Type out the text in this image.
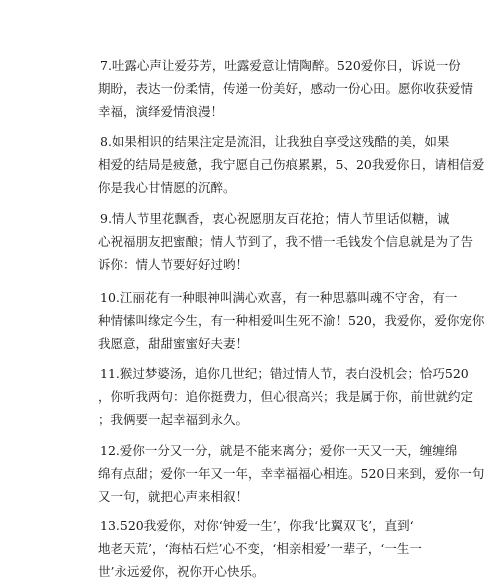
7.吐露心声让爱芬芳，吐露爱意让情陶醉。520爱你日，诉说一份
期盼，表达一份柔情，传递一份美好，感动一份心田。愿你收获爱情
幸福，演绎爱情浪漫！
8.如果相识的结果注定是流泪，让我独自享受这残酷的美，如果
相爱的结局是疲惫，我宁愿自己伤痕累累，5、20我爱你日，请相信爱
你是我心甘情愿的沉醉。
9.情人节里花飘香，衷心祝愿朋友百花抢；情人节里话似糖，诚
心祝福朋友把蜜酿；情人节到了，我不惜一毛钱发个信息就是为了告
诉你：情人节要好好过哟！
10.江丽花有一种眼神叫满心欢喜，有一种思慕叫魂不守舍，有一
种情愫叫缘定今生，有一种相爱叫生死不渝！520，我爱你，爱你宠你
我愿意，甜甜蜜蜜好夫妻！
11.猴过梦婆汤，追你几世纪；错过情人节，表白没机会；恰巧520
，你听我两句：追你挺费力，但心很高兴；我是属于你，前世就约定
；我俩要一起幸福到永久。
12.爱你一分又一分，就是不能来离分；爱你一天又一天，缠缠绵
绵有点甜；爱你一年又一年，幸幸福福心相连。520日来到，爱你一句
又一句，就把心声来相叙！
13.520我爱你，对你‘钟爱一生’，你我‘比翼双飞’，直到‘
地老天荒’，‘海枯石烂’心不变，‘相亲相爱’一辈子，‘一生一
世’永远爱你，祝你开心快乐。
